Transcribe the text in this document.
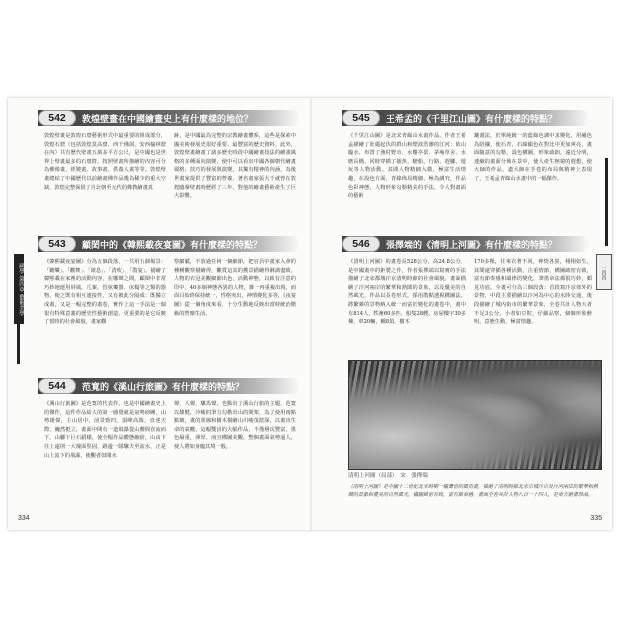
國學 第四章 藝術美學
542	敦煌壁畫在中國繪畫史上有什麼樣的地位？
敦煌壁畫是敦煌石窟藝術形式中最重要的組成部分，敦煌石窟（包括敦煌莫高窟、西千佛洞、安西榆林窟在內）共有歷代壁畫五萬多平方公尺，是中國也是世界上壁畫最多的石窟群，按照壁畫所描繪的內容可分為佛像畫、經變畫、故事畫、供養人畫等等。敦煌壁畫總結了中國歷代以前繪畫佛作品幾為稀少的重大空缺，敦煌完整保留了自北朝至元代的佛教繪畫真
跡，是中國最為完整的宗教繪畫體系，這些是探索中國美術發展史很好重要、最豐富的歷史資料。此外，敦煌壁畫繪畫了諸多歷史時段中國繪畫技法的繪畫風格的多種面向演變，使中可以看出中國各個朝代繪畫風格、技巧的發展與演變，其獨有精神的內涵，為後世畫家提供了豐富的營養，著名畫家張大千就曾在敦煌臨摹壁畫時歷經了三年，對他的繪畫藝術產生了巨大影響。
543	顧閎中的《韓熙載夜宴圖》有什麼樣的特點？
《韓熙載夜宴圖》分為五個段落，一共用五個場景：「聽樂」、「觀舞」、「歇息」、「清吹」、「散宴」。描繪了韓熙載在家裡的活動內容，在哪聲之間，顧閎中非常巧妙地運用屏風，几案、管弦樂器、床榻等之類的器物，使之既有相互連接性，又有被此分隔成：既獨立成畫，又是一幅完整的畫卷，實作上這一手法是一個很有特殊意義的歷史性藝術創造，更重要的是它反映了當時的社會風貌，畫家觀
察細膩，不放過任何一個細節，把官員中畫家入會的種種觀察描繪得，觀賞這其的獲景描繪得淋漓盡致。人物的衣冠美觀細節出色，活動神態，以致有注意的印中，40多個神態各異的人物，雜一再重複出現，而面目始終保持統一，性格突出，神情變化多等，《夜宴圖》從一個角度來看，十分生動地反映出當時統治階級的營靡生活。
544	范寬的《溪山行旅圖》有什麼樣的特點？
《溪山行旅圖》是范寬的代表作，也是中國繪畫史上的傑作，這件作品給人的第一感覺就是氣勢磅礡，山勢雄偉，主山居中，前景勁凹，頂峰高聳，直達天際，巍然挺立，畫面中間有一道飛瀑從山腰間直流而下，山腳下巨石錯樣，使全幅作品體態縮紛，山由下往上遠則一大塊面堅固，路邊一隊騾夫至流水，正是山上流下的飛瀑，使觀者如聞水
聲，人聲，騾馬聲，也點出了溪山行旅的主題，范寬以雄健，冷峻的筆力勾勒出山的間架，為了使用雨點點皴，畫的墨線和樹木描繪山川峻茂陰深，以畫出生命的氣概，這幅雙員的大幅作品，不僅層次豐富，墨色凝重，渾厚，而且構圖美觀，整個畫面氣勢逼人，使人將如身臨其境一般。
334
一四四
545	王希孟的《千里江山圖》有什麼樣的特點？
《千里江山圖》是北宋青綠山水畫作品，作者王希孟描繪了壯麗起伏的群山和煙波浩渺的江河：依山臨水，布置了漁村野市、水榭亭臺、茅庵草舍、水磨長橋，同時穿插了捕魚、駛船、行路、趕腳、遊玩等人物活動。其間人物精細入微，極富生活情趣，在設色方面，青綠佈局精細，極為講究，作品色彩神態，人物形象勾勒精美的手法，令人對畫面的藝術
鑲畫法，於單純統一的藍綠色調中求變化，用赭色為陪襯，使石青，石綠顯色在對比中更加爽亮，畫面隨意的勾勒，設色構圖，形象疏朗，遠近分明，連續的畫面分佈在景中，使人產生無窮的遐想，使大師的作品，盡大師在手卷的布局與精神上表現了，王希孟青綠山水畫中的一幅傑作。
546	張擇端的《清明上河圖》有什麼樣的特點？
《清明上河圖》的畫卷長528公分，高24.8公分，是中國畫中的鉅製之作，作者張擇端以寫實的手法描繪了北宋都城汴京清明時節的社會風貌，畫面描繪了汴河兩岸的繁華和熱鬧的景象，以及優美的自然風光，作品以長卷形式，採用散點透視構圖法，將繁雜的景物納入統一而富於變化的畫卷中，畫中有814人，牲畜60多匹，船隻28艘，房屋樓宇30多棟，車20輛，轎8頂，樹木
170多棵，往來衣著不同，神情各異，栩栩如生，其間還穿插各種活動，注重情節，構圖疏密有致，富有節奏感和韻律的變化，筆墨章法都很巧妙，頗見功底。全畫可分為三個段落：首段寫汴京郊外的景物，中段主要描繪以汴河為中心的水陸交通，後段描繪了城內街市的繁華景象，全卷共計人物大者不足3公分，小者如豆粒，仔細品察，個個形象鮮明，意態生動，極富情趣。
清明上河圖（局部）　宋　張擇端
《清明上河圖》是中國十二世紀北宋時期一幅傳世的風俗畫，描繪了清明時節北宋京城汴京及汴河兩岸的繁華和熱鬧的景象和優美的自然風光，構圖縝密有致，富有節奏感，畫面全卷共計人物八百一十四人，是東方繪畫珍品。
335
